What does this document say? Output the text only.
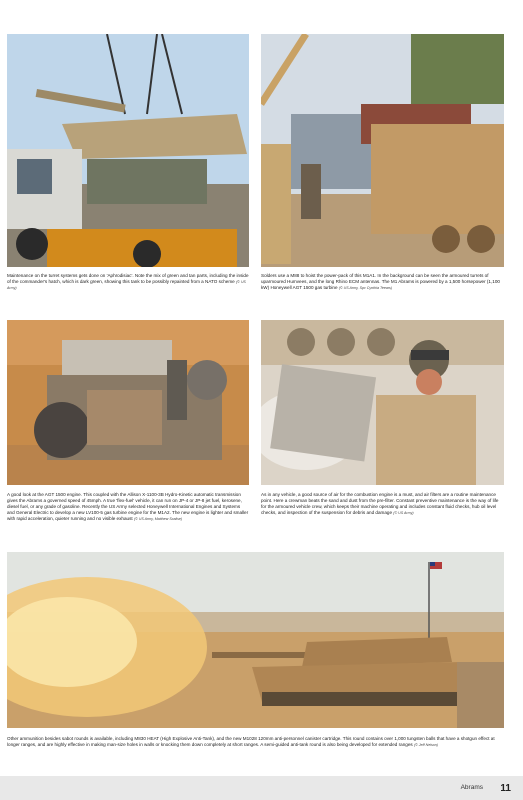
Maintenance on the turret systems gets done on 'Aphrodisiac'. Note the mix of green and tan parts, including the inside of the commander's hatch, which is dark green, showing this tank to be possibly repainted from a NATO scheme (© US Army)
Solders use a M88 to hoist the power-pack of this M1A1. In the background can be seen the armoured turrets of uparmoured Humvees, and the long Rhino ECM antennas. The M1 Abrams is powered by a 1,500 horsepower (1,100 kW) Honeywell AGT 1500 gas turbine (© US Army, Spc Cynthia Teears)
A good look at the AGT 1500 engine. This coupled with the Allison X-1100-3B Hydro-Kinetic automatic transmission gives the Abrams a governed speed of 45mph. A true 'flex-fuel' vehicle, it can run on JP-4 or JP-8 jet fuel, kerosene, diesel fuel, or any grade of gasoline. Recently the US Army selected Honeywell International Engines and Systems and General Electric to develop a new LV100-5 gas turbine engine for the M1A2. The new engine is lighter and smaller with rapid acceleration, quieter running and no visible exhaust (© US Army, Matthew Scalise)
As in any vehicle, a good source of air for the combustion engine is a must, and air filters are a routine maintenance point. Here a crewman beats the sand and dust from the pre-filter. Constant preventive maintenance is the way of life for the armoured vehicle crew, which keeps their machine operating and includes constant fluid checks, hub oil level checks, and inspection of the suspension for debris and damage (© US Army)
Other ammunition besides sabot rounds is available, including M830 HEAT (High Explosive Anti-Tank), and the new M1028 120mm anti-personnel canister cartridge. This round contains over 1,000 tungsten balls that have a shotgun effect at longer ranges, and are highly effective in making man-size holes in walls or knocking them down completely at short ranges. A semi-guided anti-tank round is also being developed for extended ranges (© Jeff Nelson)
Abrams 11
